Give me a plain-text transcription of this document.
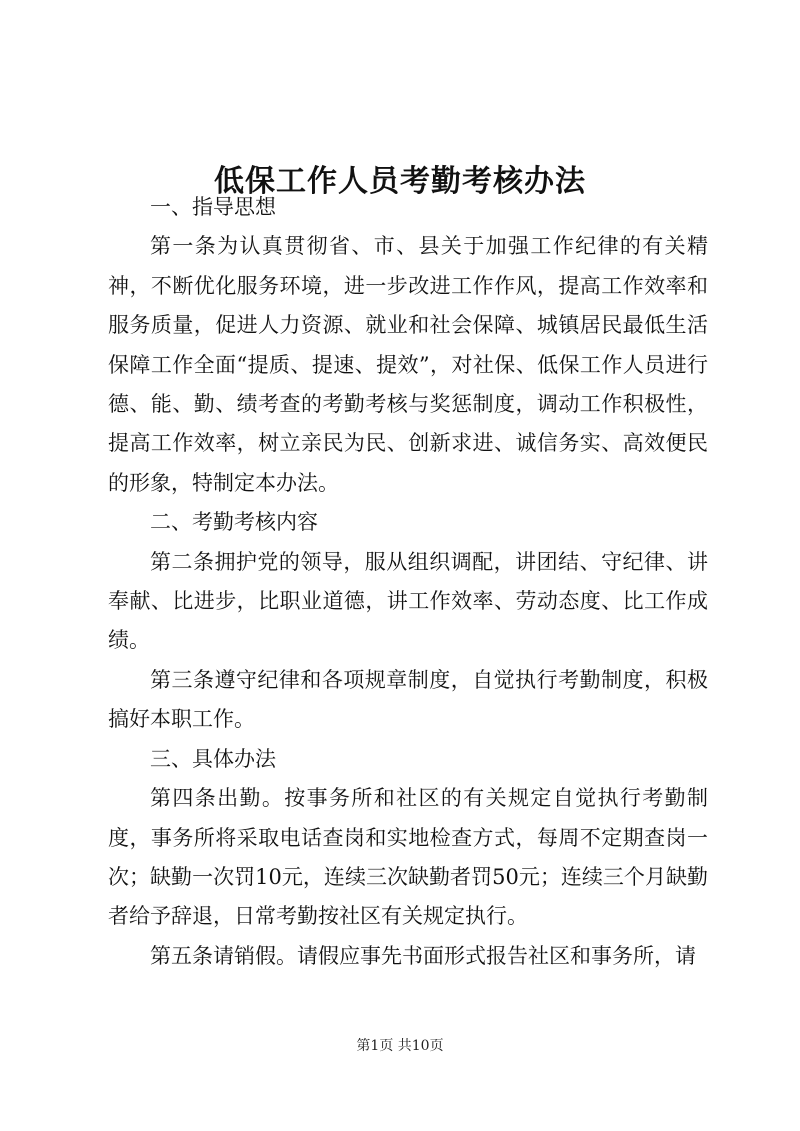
低保工作人员考勤考核办法

一、指导思想

第一条为认真贯彻省、市、县关于加强工作纪律的有关精神，不断优化服务环境，进一步改进工作作风，提高工作效率和服务质量，促进人力资源、就业和社会保障、城镇居民最低生活保障工作全面“提质、提速、提效”，对社保、低保工作人员进行德、能、勤、绩考查的考勤考核与奖惩制度，调动工作积极性，提高工作效率，树立亲民为民、创新求进、诚信务实、高效便民的形象，特制定本办法。

二、考勤考核内容

第二条拥护党的领导，服从组织调配，讲团结、守纪律、讲奉献、比进步，比职业道德，讲工作效率、劳动态度、比工作成绩。

第三条遵守纪律和各项规章制度，自觉执行考勤制度，积极搞好本职工作。

三、具体办法

第四条出勤。按事务所和社区的有关规定自觉执行考勤制度，事务所将采取电话查岗和实地检查方式，每周不定期查岗一次；缺勤一次罚10元，连续三次缺勤者罚50元；连续三个月缺勤者给予辞退，日常考勤按社区有关规定执行。

第五条请销假。请假应事先书面形式报告社区和事务所，请

第1页 共10页
